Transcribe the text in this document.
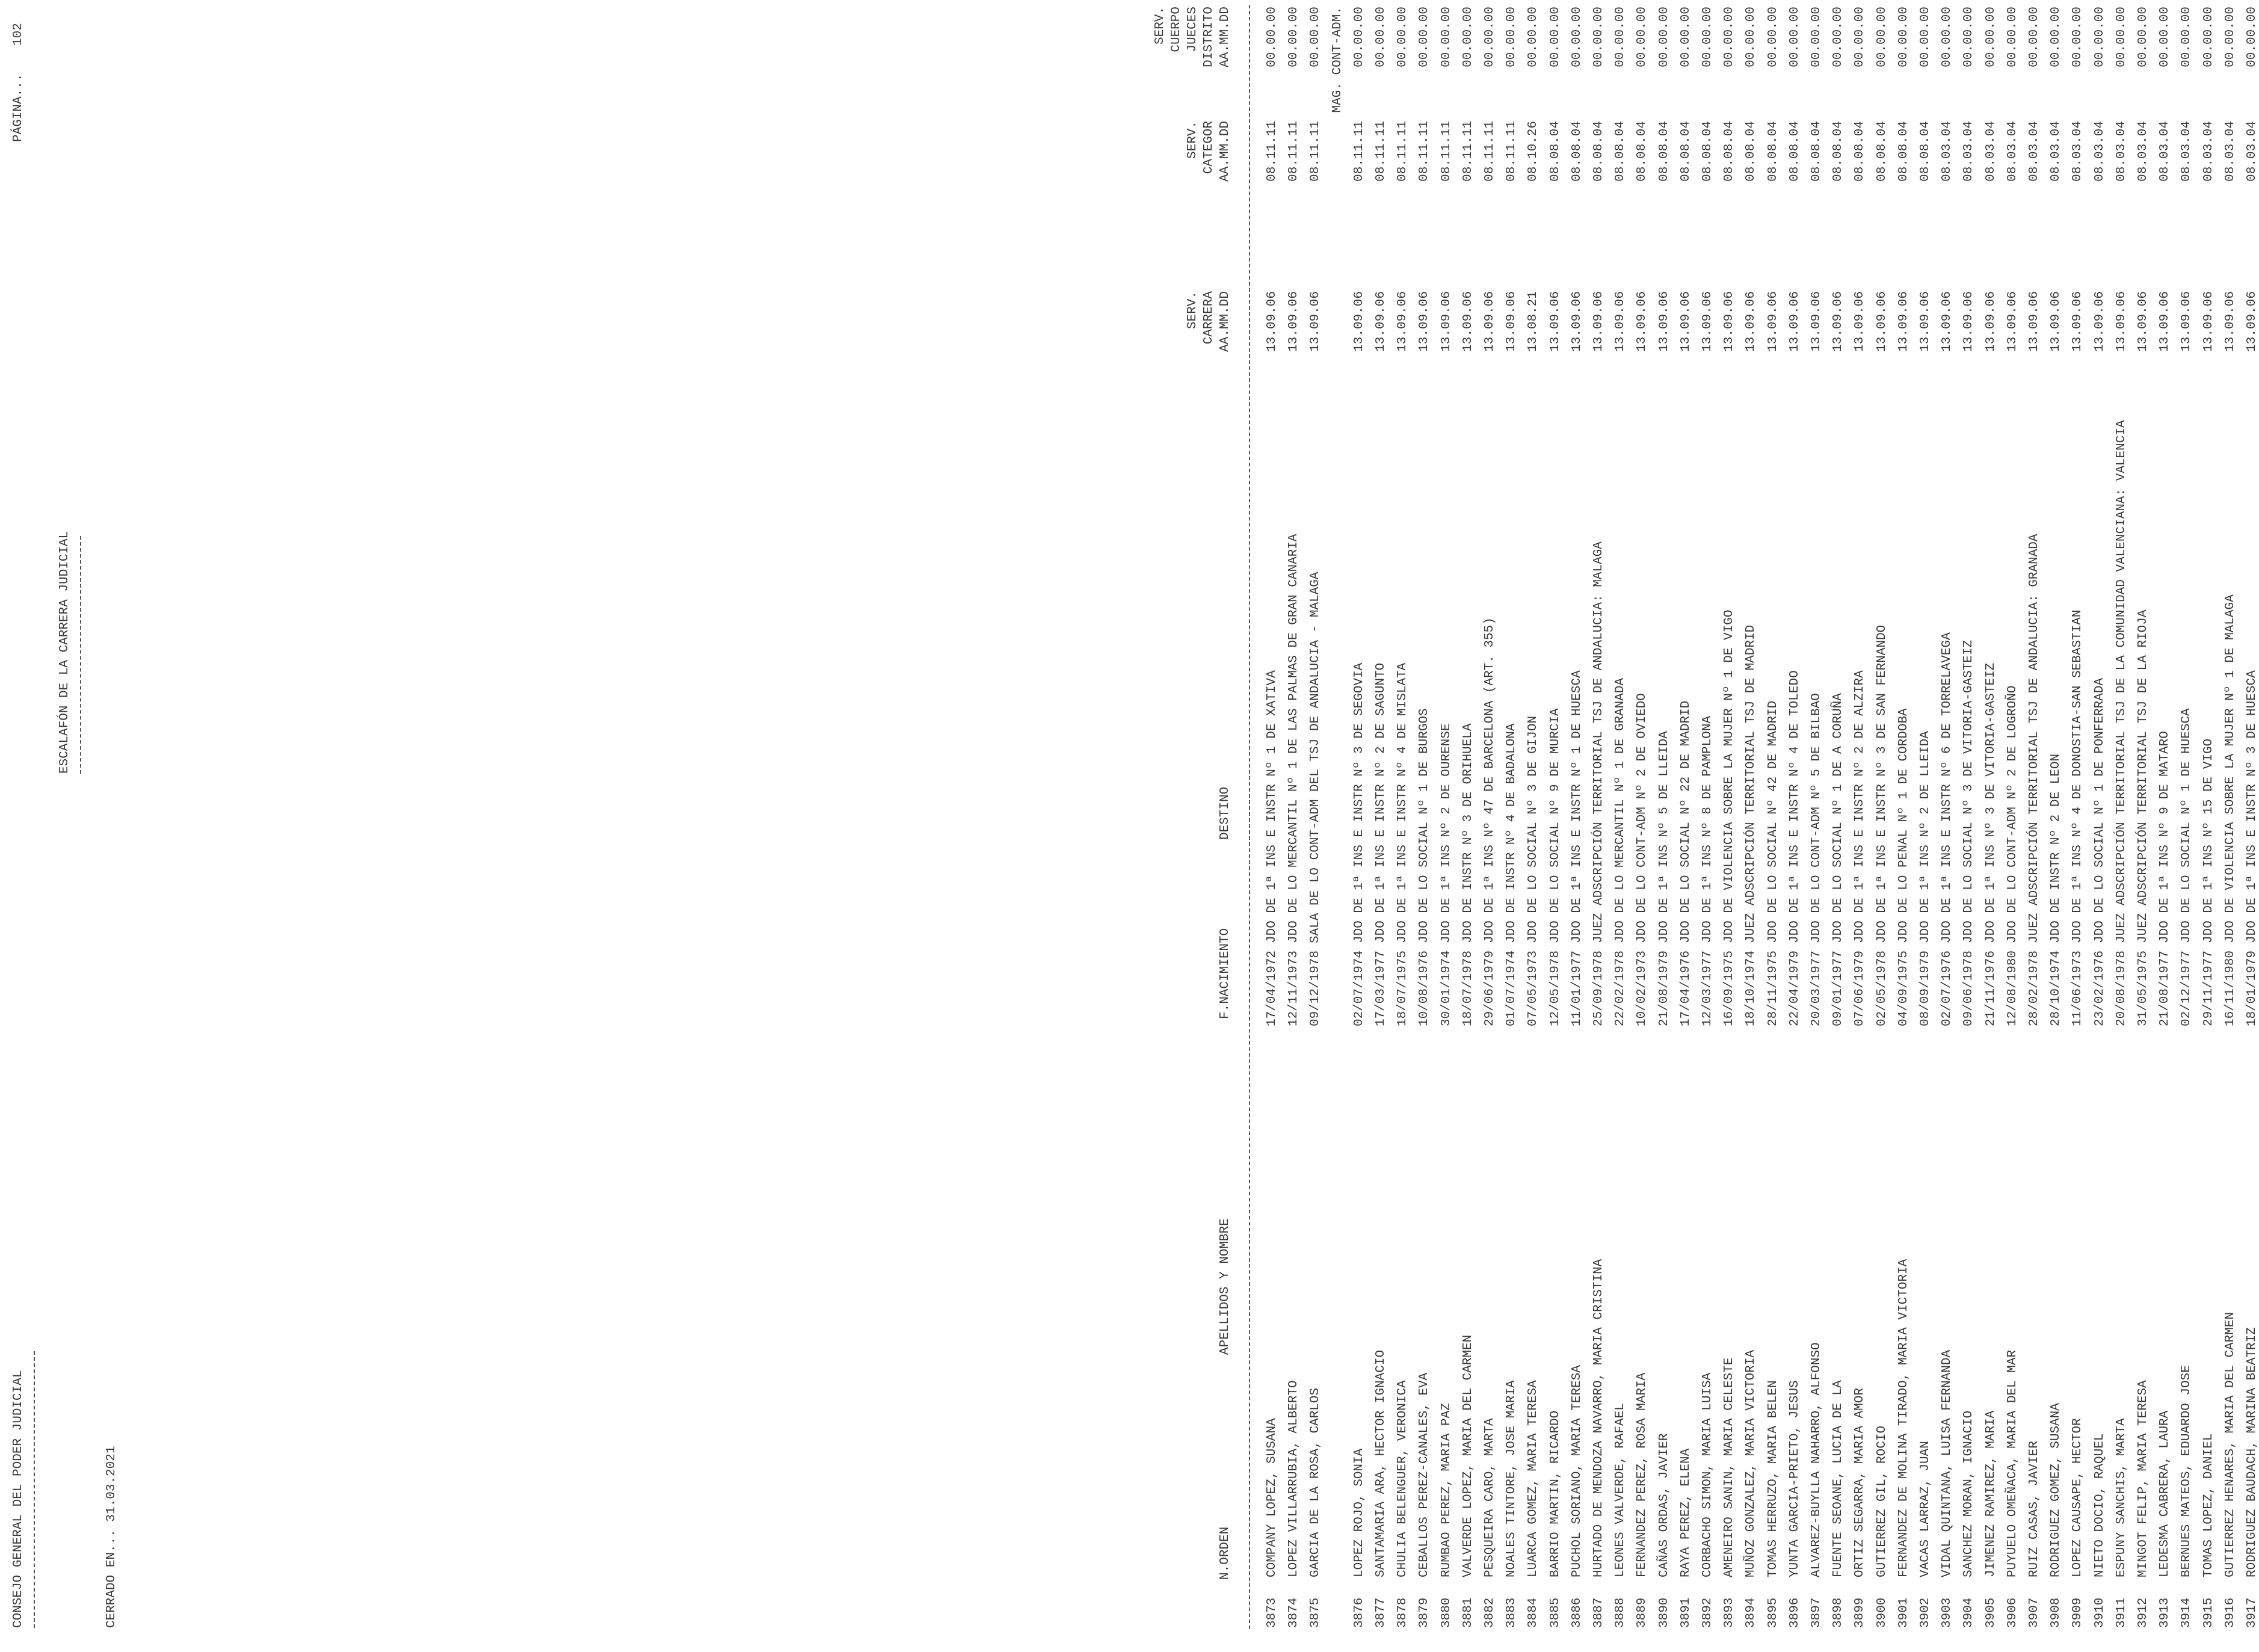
CONSEJO GENERAL DEL PODER JUDICIAL
ESCALAFÓN DE LA CARRERA JUDICIAL
PÁGINA...
102
CERRADO EN... 31.03.2021
SERV. CUERPO JUECES DISTRITO AA.MM.DD
SERV. CATEGOR AA.MM.DD
SERV. CARRERA AA.MM.DD
DESTINO
F.NACIMIENTO
APELLIDOS Y NOMBRE
N.ORDEN
3873
COMPANY LOPEZ, SUSANA
17/04/1972
JDO DE 1ª INS E INSTR Nº 1 DE XATIVA
13.09.06
08.11.11
00.00.00
3874
LOPEZ VILLARRUBIA, ALBERTO
12/11/1973
JDO DE LO MERCANTIL Nº 1 DE LAS PALMAS DE GRAN CANARIA
13.09.06
08.11.11
00.00.00
3875
GARCIA DE LA ROSA, CARLOS
09/12/1978
SALA DE LO CONT-ADM DEL TSJ DE ANDALUCIA - MALAGA
13.09.06
08.11.11
00.00.00 MAG. CONT-ADM.
3876
LOPEZ ROJO, SONIA
02/07/1974
JDO DE 1ª INS E INSTR Nº 3 DE SEGOVIA
13.09.06
08.11.11
00.00.00
3877
SANTAMARIA ARA, HECTOR IGNACIO
17/03/1977
JDO DE 1ª INS E INSTR Nº 2 DE SAGUNTO
13.09.06
08.11.11
00.00.00
3878
CHULIA BELENGUER, VERONICA
18/07/1975
JDO DE 1ª INS E INSTR Nº 4 DE MISLATA
13.09.06
08.11.11
00.00.00
3879
CEBALLOS PEREZ-CANALES, EVA
10/08/1976
JDO DE LO SOCIAL Nº 1 DE BURGOS
13.09.06
08.11.11
00.00.00
3880
RUMBAO PEREZ, MARIA PAZ
30/01/1974
JDO DE 1ª INS Nº 2 DE OURENSE
13.09.06
08.11.11
00.00.00
3881
VALVERDE LOPEZ, MARIA DEL CARMEN
18/07/1978
JDO DE INSTR Nº 3 DE ORIHUELA
13.09.06
08.11.11
00.00.00
3882
PESQUEIRA CARO, MARTA
29/06/1979
JDO DE 1ª INS Nº 47 DE BARCELONA (ART. 355)
13.09.06
08.11.11
00.00.00
3883
NOALES TINTORE, JOSE MARIA
01/07/1974
JDO DE INSTR Nº 4 DE BADALONA
13.09.06
08.11.11
00.00.00
3884
LUARCA GOMEZ, MARIA TERESA
07/05/1973
JDO DE LO SOCIAL Nº 3 DE GIJON
13.08.21
08.10.26
00.00.00
3885
BARRIO MARTIN, RICARDO
12/05/1978
JDO DE LO SOCIAL Nº 9 DE MURCIA
13.09.06
08.08.04
00.00.00
3886
PUCHOL SORIANO, MARIA TERESA
11/01/1977
JDO DE 1ª INS E INSTR Nº 1 DE HUESCA
13.09.06
08.08.04
00.00.00
3887
HURTADO DE MENDOZA NAVARRO, MARIA CRISTINA
25/09/1978
JUEZ ADSCRIPCIÓN TERRITORIAL TSJ DE ANDALUCIA: MALAGA
13.09.06
08.08.04
00.00.00
3888
LEONES VALVERDE, RAFAEL
22/02/1978
JDO DE LO MERCANTIL Nº 1 DE GRANADA
13.09.06
08.08.04
00.00.00
3889
FERNANDEZ PEREZ, ROSA MARIA
10/02/1973
JDO DE LO CONT-ADM Nº 2 DE OVIEDO
13.09.06
08.08.04
00.00.00
3890
CAÑAS ORDAS, JAVIER
21/08/1979
JDO DE 1ª INS Nº 5 DE LLEIDA
13.09.06
08.08.04
00.00.00
3891
RAYA PEREZ, ELENA
17/04/1976
JDO DE LO SOCIAL Nº 22 DE MADRID
13.09.06
08.08.04
00.00.00
3892
CORBACHO SIMON, MARIA LUISA
12/03/1977
JDO DE 1ª INS Nº 8 DE PAMPLONA
13.09.06
08.08.04
00.00.00
3893
AMENEIRO SANIN, MARIA CELESTE
16/09/1975
JDO DE VIOLENCIA SOBRE LA MUJER Nº 1 DE VIGO
13.09.06
08.08.04
00.00.00
3894
MUÑOZ GONZALEZ, MARIA VICTORIA
18/10/1974
JUEZ ADSCRIPCIÓN TERRITORIAL TSJ DE MADRID
13.09.06
08.08.04
00.00.00
3895
TOMAS HERRUZO, MARIA BELEN
28/11/1975
JDO DE LO SOCIAL Nº 42 DE MADRID
13.09.06
08.08.04
00.00.00
3896
YUNTA GARCIA-PRIETO, JESUS
22/04/1979
JDO DE 1ª INS E INSTR Nº 4 DE TOLEDO
13.09.06
08.08.04
00.00.00
3897
ALVAREZ-BUYLLA NAHARRO, ALFONSO
20/03/1977
JDO DE LO CONT-ADM Nº 5 DE BILBAO
13.09.06
08.08.04
00.00.00
3898
FUENTE SEOANE, LUCIA DE LA
09/01/1977
JDO DE LO SOCIAL Nº 1 DE A CORUÑA
13.09.06
08.08.04
00.00.00
3899
ORTIZ SEGARRA, MARIA AMOR
07/06/1979
JDO DE 1ª INS E INSTR Nº 2 DE ALZIRA
13.09.06
08.08.04
00.00.00
3900
GUTIERREZ GIL, ROCIO
02/05/1978
JDO DE 1ª INS E INSTR Nº 3 DE SAN FERNANDO
13.09.06
08.08.04
00.00.00
3901
FERNANDEZ DE MOLINA TIRADO, MARIA VICTORIA
04/09/1975
JDO DE LO PENAL Nº 1 DE CORDOBA
13.09.06
08.08.04
00.00.00
3902
VACAS LARRAZ, JUAN
08/09/1979
JDO DE 1ª INS Nº 2 DE LLEIDA
13.09.06
08.08.04
00.00.00
3903
VIDAL QUINTANA, LUISA FERNANDA
02/07/1976
JDO DE 1ª INS E INSTR Nº 6 DE TORRELAVEGA
13.09.06
08.03.04
00.00.00
3904
SANCHEZ MORAN, IGNACIO
09/06/1978
JDO DE LO SOCIAL Nº 3 DE VITORIA-GASTEIZ
13.09.06
08.03.04
00.00.00
3905
JIMENEZ RAMIREZ, MARIA
21/11/1976
JDO DE 1ª INS Nº 3 DE VITORIA-GASTEIZ
13.09.06
08.03.04
00.00.00
3906
PUYUELO OMEÑACA, MARIA DEL MAR
12/08/1980
JDO DE LO CONT-ADM Nº 2 DE LOGROÑO
13.09.06
08.03.04
00.00.00
3907
RUIZ CASAS, JAVIER
28/02/1978
JUEZ ADSCRIPCIÓN TERRITORIAL TSJ DE ANDALUCIA: GRANADA
13.09.06
08.03.04
00.00.00
3908
RODRIGUEZ GOMEZ, SUSANA
28/10/1974
JDO DE INSTR Nº 2 DE LEON
13.09.06
08.03.04
00.00.00
3909
LOPEZ CAUSAPE, HECTOR
11/06/1973
JDO DE 1ª INS Nº 4 DE DONOSTIA-SAN SEBASTIAN
13.09.06
08.03.04
00.00.00
3910
NIETO DOCIO, RAQUEL
23/02/1976
JDO DE LO SOCIAL Nº 1 DE PONFERRADA
13.09.06
08.03.04
00.00.00
3911
ESPUNY SANCHIS, MARTA
20/08/1978
JUEZ ADSCRIPCIÓN TERRITORIAL TSJ DE LA COMUNIDAD VALENCIANA: VALENCIA
13.09.06
08.03.04
00.00.00
3912
MINGOT FELIP, MARIA TERESA
31/05/1975
JUEZ ADSCRIPCIÓN TERRITORIAL TSJ DE LA RIOJA
13.09.06
08.03.04
00.00.00
3913
LEDESMA CABRERA, LAURA
21/08/1977
JDO DE 1ª INS Nº 9 DE MATARO
13.09.06
08.03.04
00.00.00
3914
BERNUES MATEOS, EDUARDO JOSE
02/12/1977
JDO DE LO SOCIAL Nº 1 DE HUESCA
13.09.06
08.03.04
00.00.00
3915
TOMAS LOPEZ, DANIEL
29/11/1977
JDO DE 1ª INS Nº 15 DE VIGO
13.09.06
08.03.04
00.00.00
3916
GUTIERREZ HENARES, MARIA DEL CARMEN
16/11/1980
JDO DE VIOLENCIA SOBRE LA MUJER Nº 1 DE MALAGA
13.09.06
08.03.04
00.00.00
3917
RODRIGUEZ BAUDACH, MARINA BEATRIZ
18/01/1979
JDO DE 1ª INS E INSTR Nº 3 DE HUESCA
13.09.06
08.03.04
00.00.00
